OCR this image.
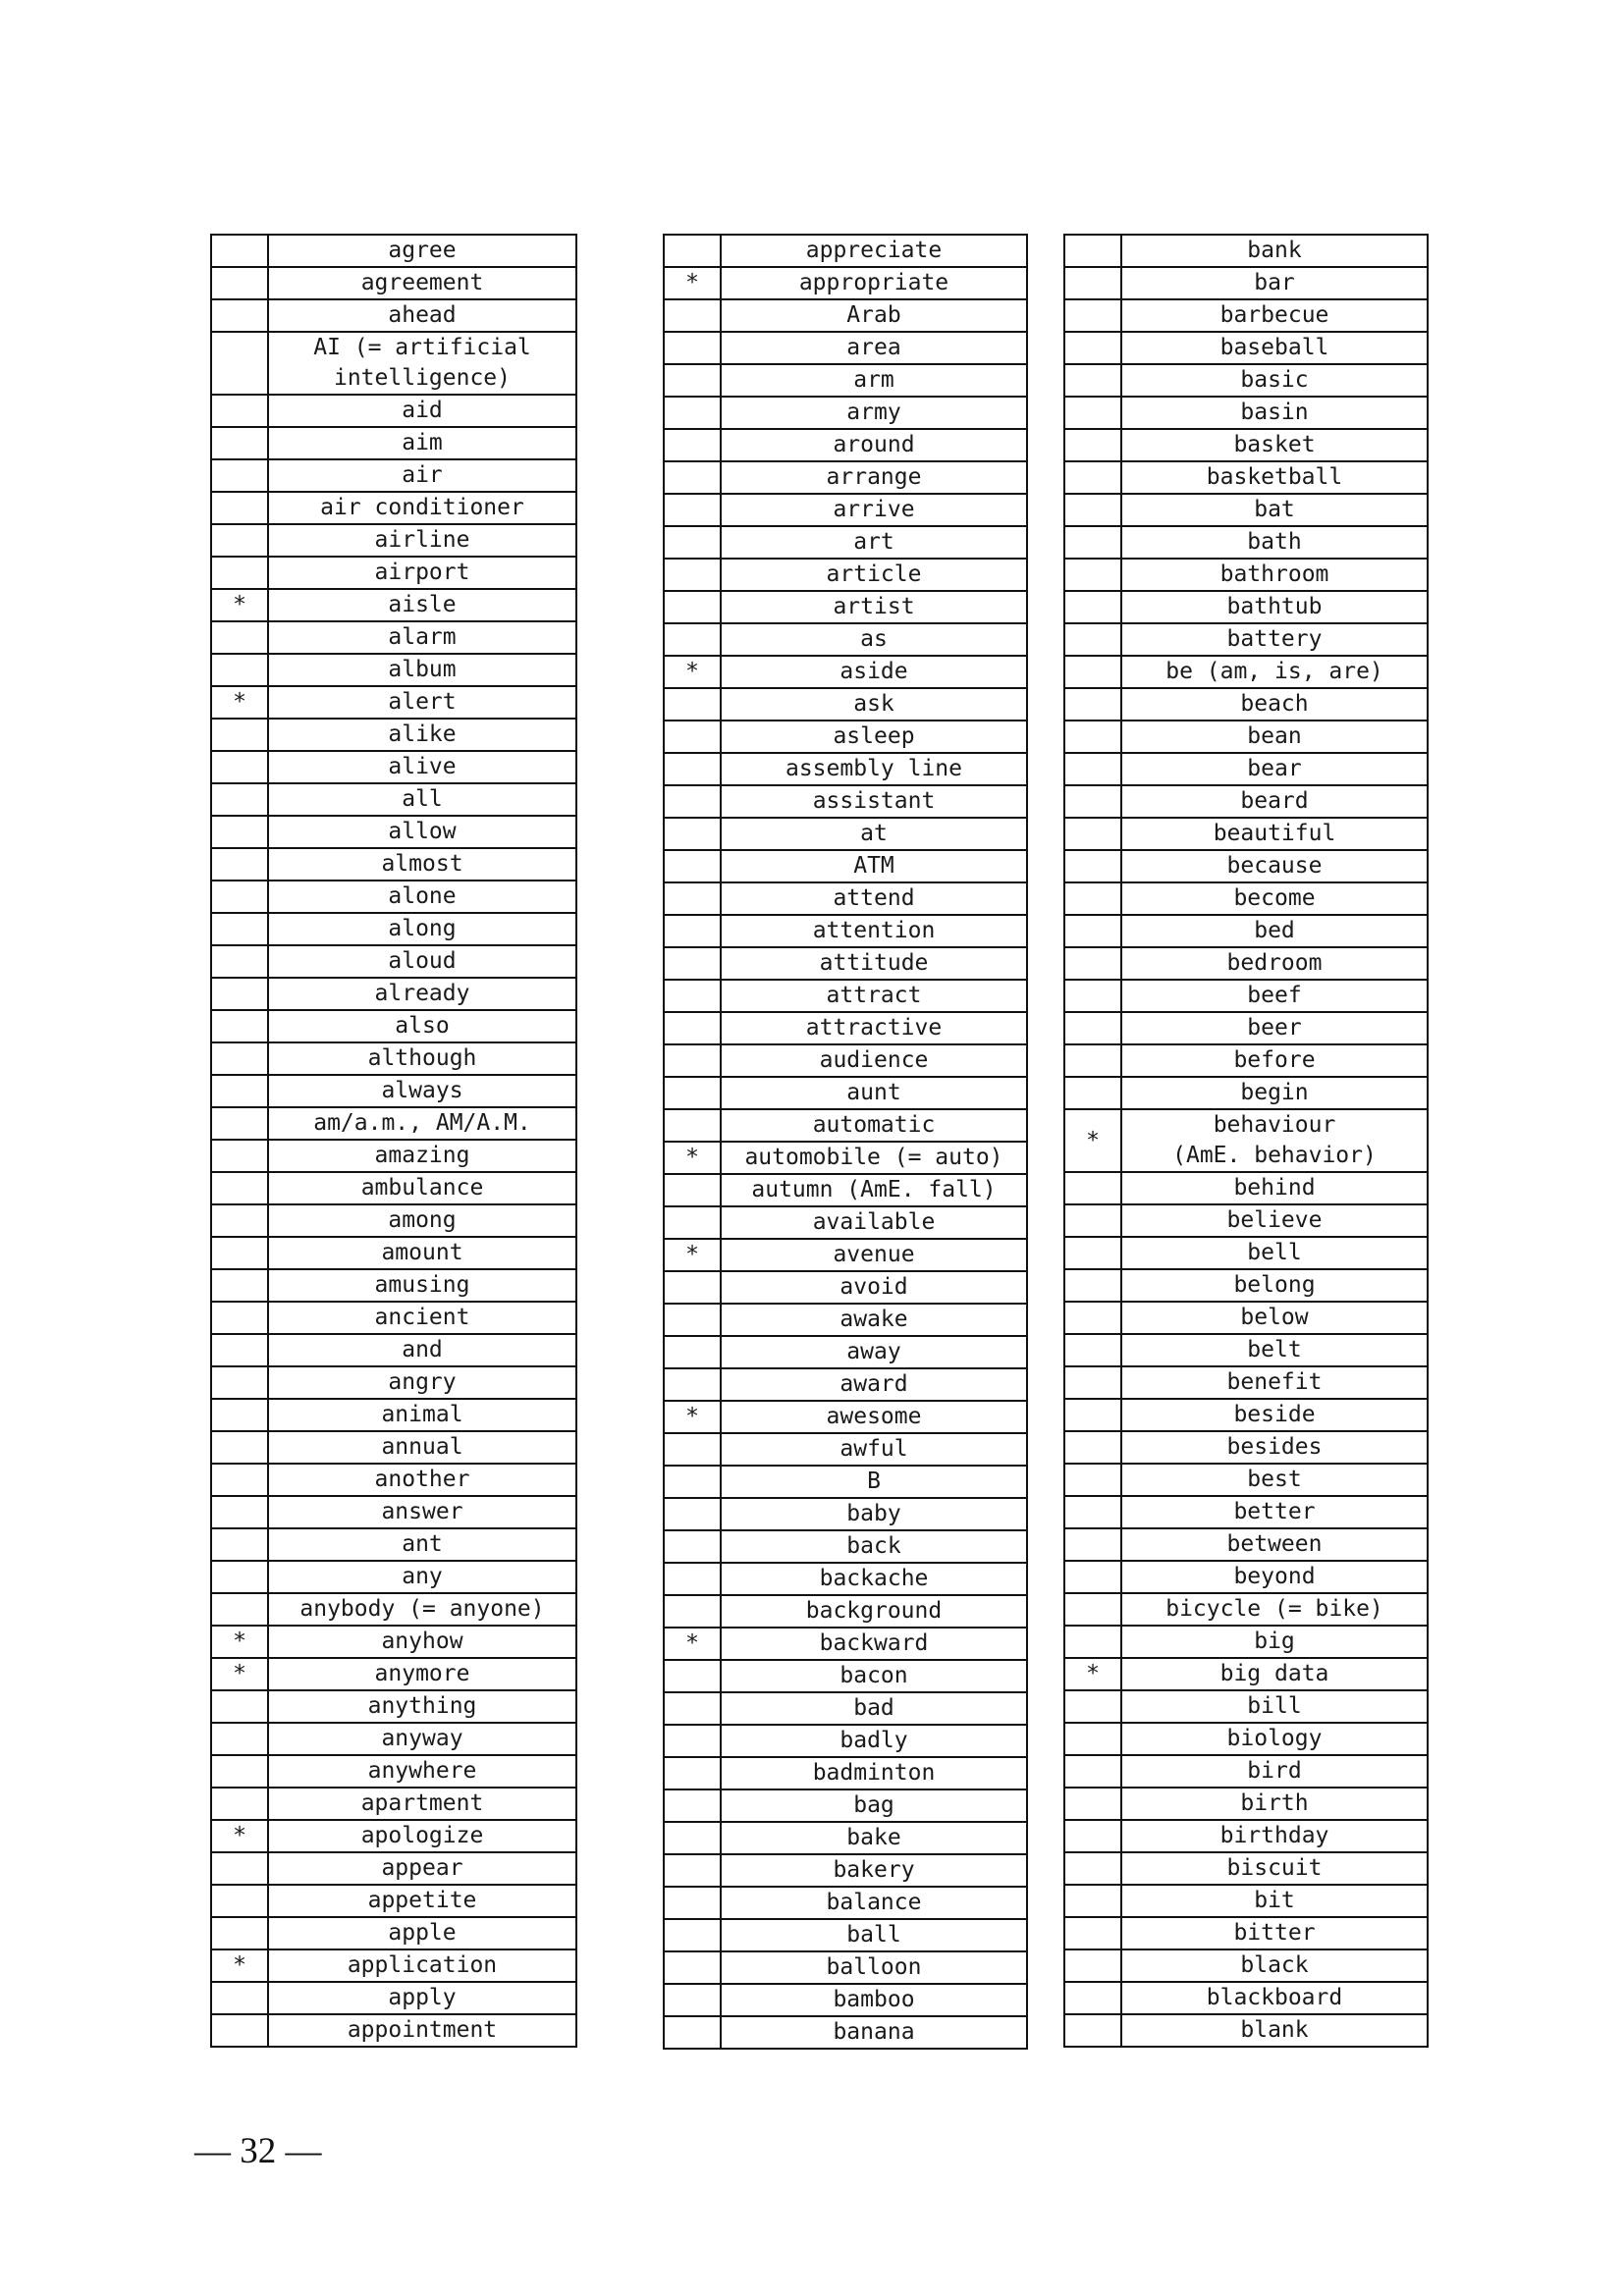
	agree
	agreement
	ahead
	AI (= artificial
intelligence)
	aid
	aim
	air
	air conditioner
	airline
	airport
*	aisle
	alarm
	album
*	alert
	alike
	alive
	all
	allow
	almost
	alone
	along
	aloud
	already
	also
	although
	always
	am/a.m., AM/A.M.
	amazing
	ambulance
	among
	amount
	amusing
	ancient
	and
	angry
	animal
	annual
	another
	answer
	ant
	any
	anybody (= anyone)
*	anyhow
*	anymore
	anything
	anyway
	anywhere
	apartment
*	apologize
	appear
	appetite
	apple
*	application
	apply
	appointment
	appreciate
*	appropriate
	Arab
	area
	arm
	army
	around
	arrange
	arrive
	art
	article
	artist
	as
*	aside
	ask
	asleep
	assembly line
	assistant
	at
	ATM
	attend
	attention
	attitude
	attract
	attractive
	audience
	aunt
	automatic
*	automobile (= auto)
	autumn (AmE. fall)
	available
*	avenue
	avoid
	awake
	away
	award
*	awesome
	awful
	B
	baby
	back
	backache
	background
*	backward
	bacon
	bad
	badly
	badminton
	bag
	bake
	bakery
	balance
	ball
	balloon
	bamboo
	banana
	bank
	bar
	barbecue
	baseball
	basic
	basin
	basket
	basketball
	bat
	bath
	bathroom
	bathtub
	battery
	be (am, is, are)
	beach
	bean
	bear
	beard
	beautiful
	because
	become
	bed
	bedroom
	beef
	beer
	before
	begin
*	behaviour
(AmE. behavior)
	behind
	believe
	bell
	belong
	below
	belt
	benefit
	beside
	besides
	best
	better
	between
	beyond
	bicycle (= bike)
	big
*	big data
	bill
	biology
	bird
	birth
	birthday
	biscuit
	bit
	bitter
	black
	blackboard
	blank
— 32 —
